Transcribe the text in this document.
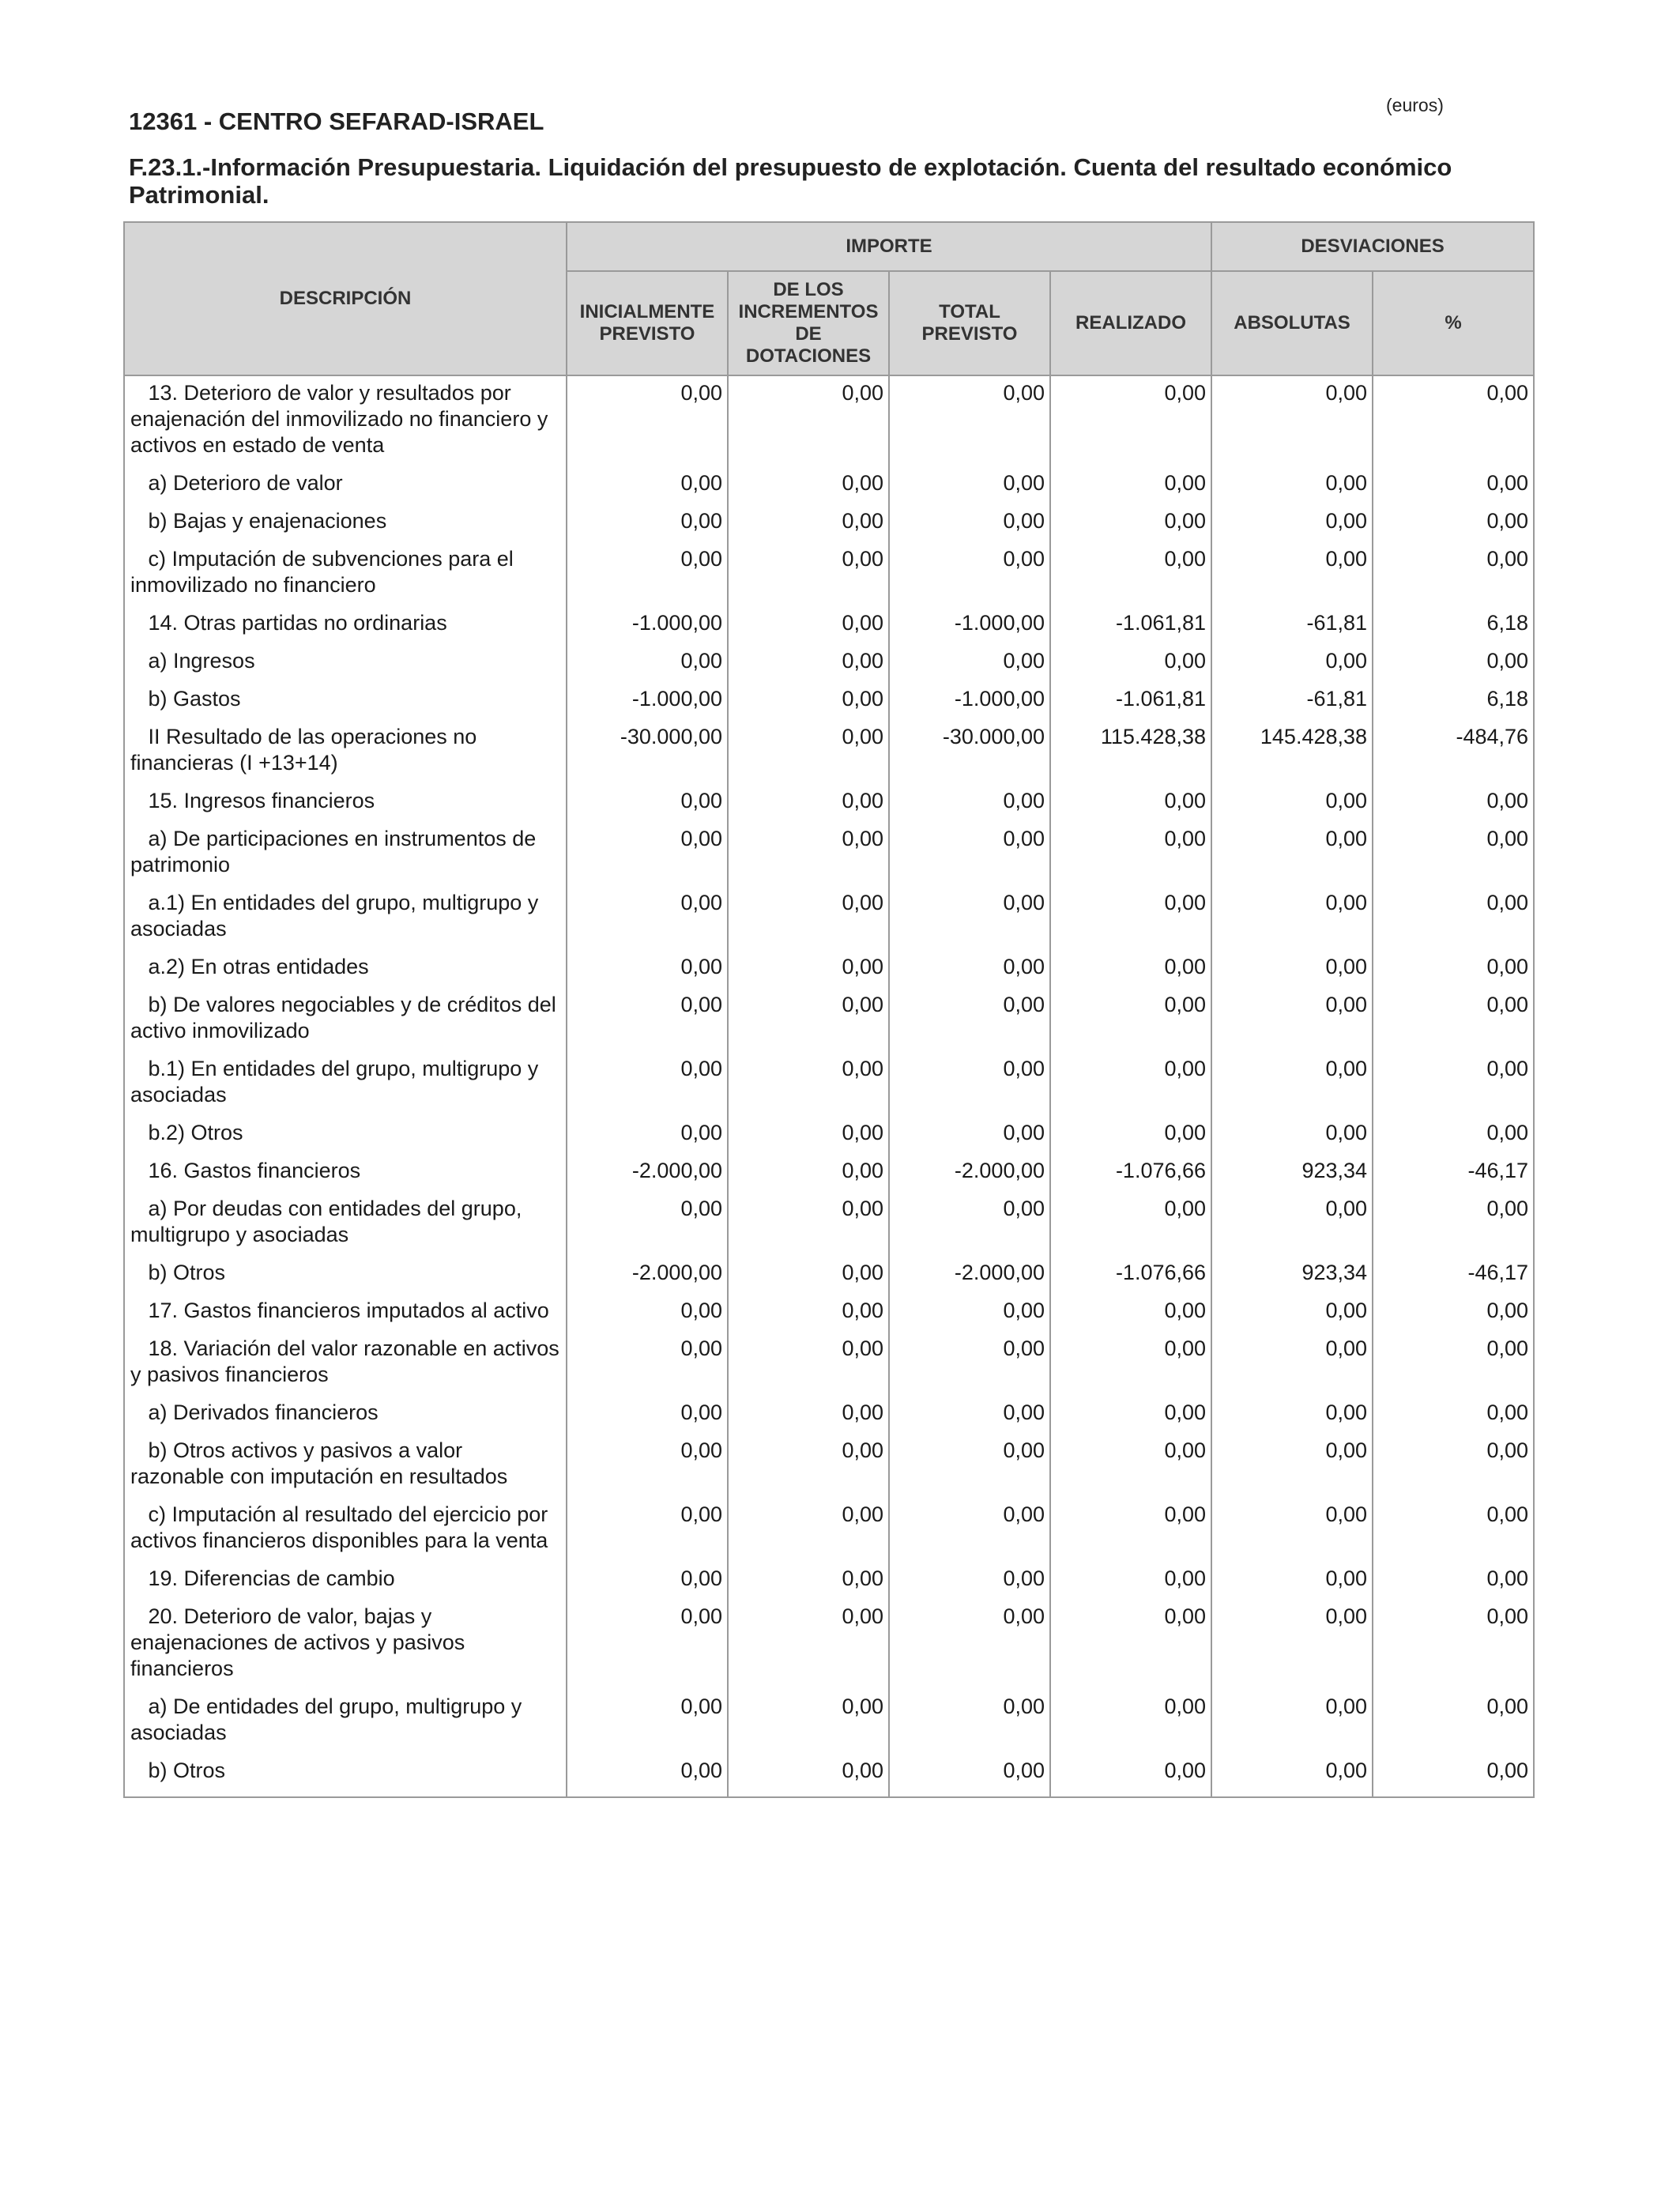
(euros)
12361 - CENTRO SEFARAD-ISRAEL
F.23.1.-Información Presupuestaria. Liquidación del presupuesto de explotación. Cuenta del resultado económico Patrimonial.
DESCRIPCIÓN	IMPORTE				DESVIACIONES	
	INICIALMENTE PREVISTO	DE LOS INCREMENTOS DE DOTACIONES	TOTAL PREVISTO	REALIZADO	ABSOLUTAS	%
13. Deterioro de valor y resultados por enajenación del inmovilizado no financiero y activos en estado de venta	0,00	0,00	0,00	0,00	0,00	0,00
a) Deterioro de valor	0,00	0,00	0,00	0,00	0,00	0,00
b) Bajas y enajenaciones	0,00	0,00	0,00	0,00	0,00	0,00
c) Imputación de subvenciones para el inmovilizado no financiero	0,00	0,00	0,00	0,00	0,00	0,00
14. Otras partidas no ordinarias	-1.000,00	0,00	-1.000,00	-1.061,81	-61,81	6,18
a) Ingresos	0,00	0,00	0,00	0,00	0,00	0,00
b) Gastos	-1.000,00	0,00	-1.000,00	-1.061,81	-61,81	6,18
II Resultado de las operaciones no financieras (I +13+14)	-30.000,00	0,00	-30.000,00	115.428,38	145.428,38	-484,76
15. Ingresos financieros	0,00	0,00	0,00	0,00	0,00	0,00
a) De participaciones en instrumentos de patrimonio	0,00	0,00	0,00	0,00	0,00	0,00
a.1) En entidades del grupo, multigrupo y asociadas	0,00	0,00	0,00	0,00	0,00	0,00
a.2) En otras entidades	0,00	0,00	0,00	0,00	0,00	0,00
b) De valores negociables y de créditos del activo inmovilizado	0,00	0,00	0,00	0,00	0,00	0,00
b.1) En entidades del grupo, multigrupo y asociadas	0,00	0,00	0,00	0,00	0,00	0,00
b.2) Otros	0,00	0,00	0,00	0,00	0,00	0,00
16. Gastos financieros	-2.000,00	0,00	-2.000,00	-1.076,66	923,34	-46,17
a) Por deudas con entidades del grupo, multigrupo y asociadas	0,00	0,00	0,00	0,00	0,00	0,00
b) Otros	-2.000,00	0,00	-2.000,00	-1.076,66	923,34	-46,17
17. Gastos financieros imputados al activo	0,00	0,00	0,00	0,00	0,00	0,00
18. Variación del valor razonable en activos y pasivos financieros	0,00	0,00	0,00	0,00	0,00	0,00
a) Derivados financieros	0,00	0,00	0,00	0,00	0,00	0,00
b) Otros activos y pasivos a valor razonable con imputación en resultados	0,00	0,00	0,00	0,00	0,00	0,00
c) Imputación al resultado del ejercicio por activos financieros disponibles para la venta	0,00	0,00	0,00	0,00	0,00	0,00
19. Diferencias de cambio	0,00	0,00	0,00	0,00	0,00	0,00
20. Deterioro de valor, bajas y enajenaciones de activos y pasivos financieros	0,00	0,00	0,00	0,00	0,00	0,00
a) De entidades del grupo, multigrupo y asociadas	0,00	0,00	0,00	0,00	0,00	0,00
b) Otros	0,00	0,00	0,00	0,00	0,00	0,00
